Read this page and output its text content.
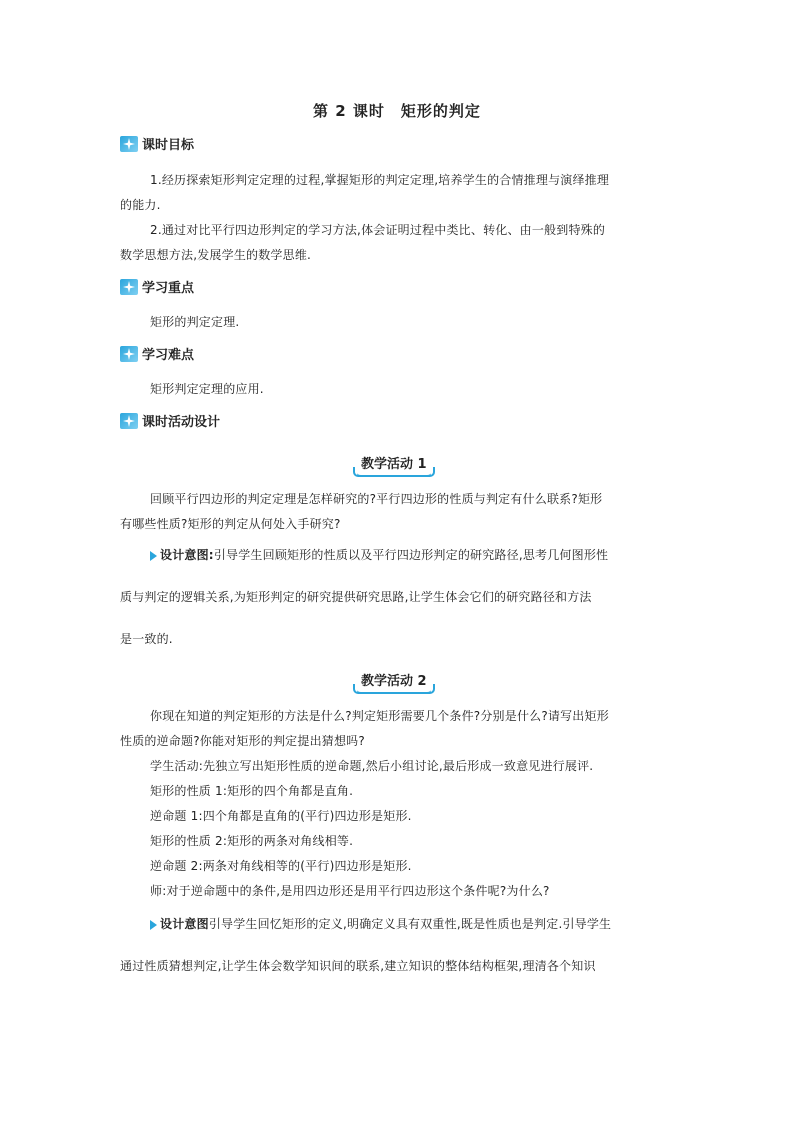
第 2 课时　矩形的判定
课时目标
1.经历探索矩形判定定理的过程,掌握矩形的判定定理,培养学生的合情推理与演绎推理
的能力.
2.通过对比平行四边形判定的学习方法,体会证明过程中类比、转化、由一般到特殊的
数学思想方法,发展学生的数学思维.
学习重点
矩形的判定定理.
学习难点
矩形判定定理的应用.
课时活动设计
教学活动 1
回顾平行四边形的判定定理是怎样研究的?平行四边形的性质与判定有什么联系?矩形
有哪些性质?矩形的判定从何处入手研究?
设计意图:引导学生回顾矩形的性质以及平行四边形判定的研究路径,思考几何图形性
质与判定的逻辑关系,为矩形判定的研究提供研究思路,让学生体会它们的研究路径和方法
是一致的.
教学活动 2
你现在知道的判定矩形的方法是什么?判定矩形需要几个条件?分别是什么?请写出矩形
性质的逆命题?你能对矩形的判定提出猜想吗?
学生活动:先独立写出矩形性质的逆命题,然后小组讨论,最后形成一致意见进行展评.
矩形的性质 1:矩形的四个角都是直角.
逆命题 1:四个角都是直角的(平行)四边形是矩形.
矩形的性质 2:矩形的两条对角线相等.
逆命题 2:两条对角线相等的(平行)四边形是矩形.
师:对于逆命题中的条件,是用四边形还是用平行四边形这个条件呢?为什么?
设计意图引导学生回忆矩形的定义,明确定义具有双重性,既是性质也是判定.引导学生
通过性质猜想判定,让学生体会数学知识间的联系,建立知识的整体结构框架,理清各个知识
